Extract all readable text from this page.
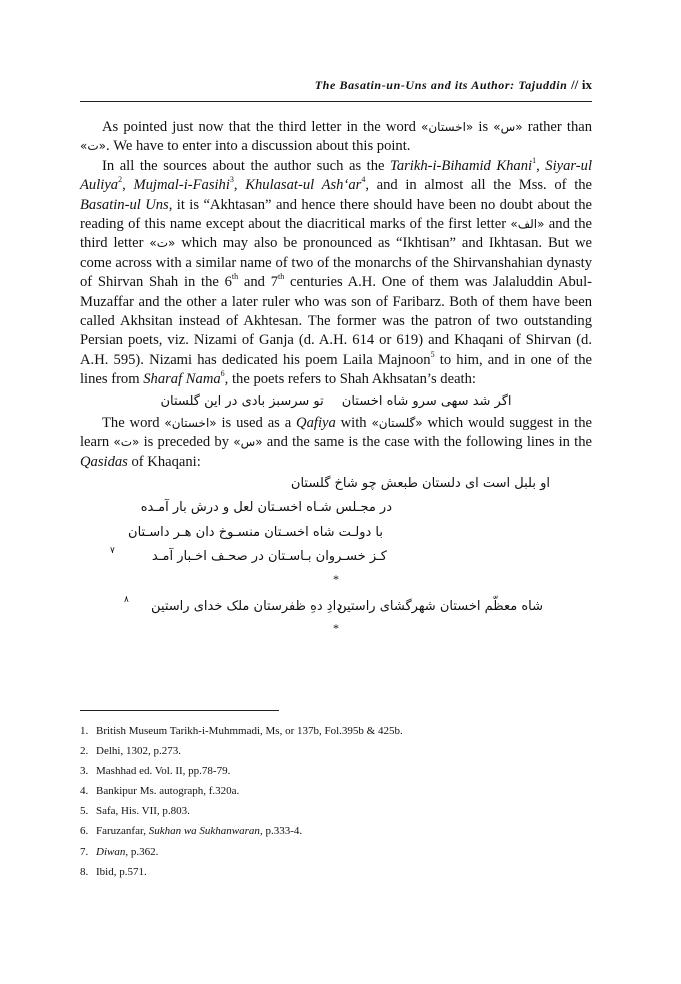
The Basatin-un-Uns and its Author: Tajuddin // ix

As pointed just now that the third letter in the word «اخستان» is «س» rather than «ت». We have to enter into a discussion about this point.

In all the sources about the author such as the Tarikh-i-Bihamid Khani$^1$, Siyar-ul Auliya$^2$, Mujmal-i-Fasihi$^3$, Khulasat-ul $Ash‘ar^4$, and in almost all the Mss. of the Basatin-ul Uns, it is “Akhtasan” and hence there should have been no doubt about the reading of this name except about the diacritical marks of the first letter «الف» and the third letter «ت» which may also be pronounced as “Ikhtisan” and Ikhtasan. But we come across with a similar name of two of the monarchs of the Shirvanshahian dynasty of Shirvan Shah in the 6th and 7th centuries A.H. One of them was Jalaluddin Abul-Muzaffar and the other a later ruler who was son of Faribarz. Both of them have been called Akhsitan instead of Akhtesan. The former was the patron of two outstanding Persian poets, viz. Nizami of Ganja (d. A.H. 614 or 619) and Khaqani of Shirvan (d. A.H. 595). Nizami has dedicated his poem Laila Majnoon$^5$ to him, and in one of the lines from Sharaf Nama$^6$, the poets refers to Shah Akhsatan’s death:

اگر شد سهی سرو شاه اخستانتو سرسبز بادی در این گلستان

The word «اخستان» is used as a Qafiya with «گلستان» which would suggest in the learn «ت» is preceded by «س» and the same is the case with the following lines in the Qasidas of Khaqani:

او بلبل است ای دلستان طبعش چو شاخ گلستان
در مجـلس شـاه اخسـتان لعل و درش بار آمـده
با دولـت شاه اخسـتان منسـوخ دان هـر داسـتان
کـز خسـروان بـاسـتان در صحـف اخـبار آمـد
۷
*
شاه معظّم اخستان شهرگشای راستین
دادِ دهِ ظفرستان ملک خدای راستین
۸
*
1. British Museum Tarikh-i-Muhmmadi, Ms, or 137b, Fol.395b & 425b.
2. Delhi, 1302, p.273.
3. Mashhad ed. Vol. II, pp.78-79.
4. Bankipur Ms. autograph, f.320a.
5. Safa, His. VII, p.803.
6. Faruzanfar, Sukhan wa Sukhanwaran, p.333-4.
7. Diwan, p.362.
8. Ibid, p.571.
